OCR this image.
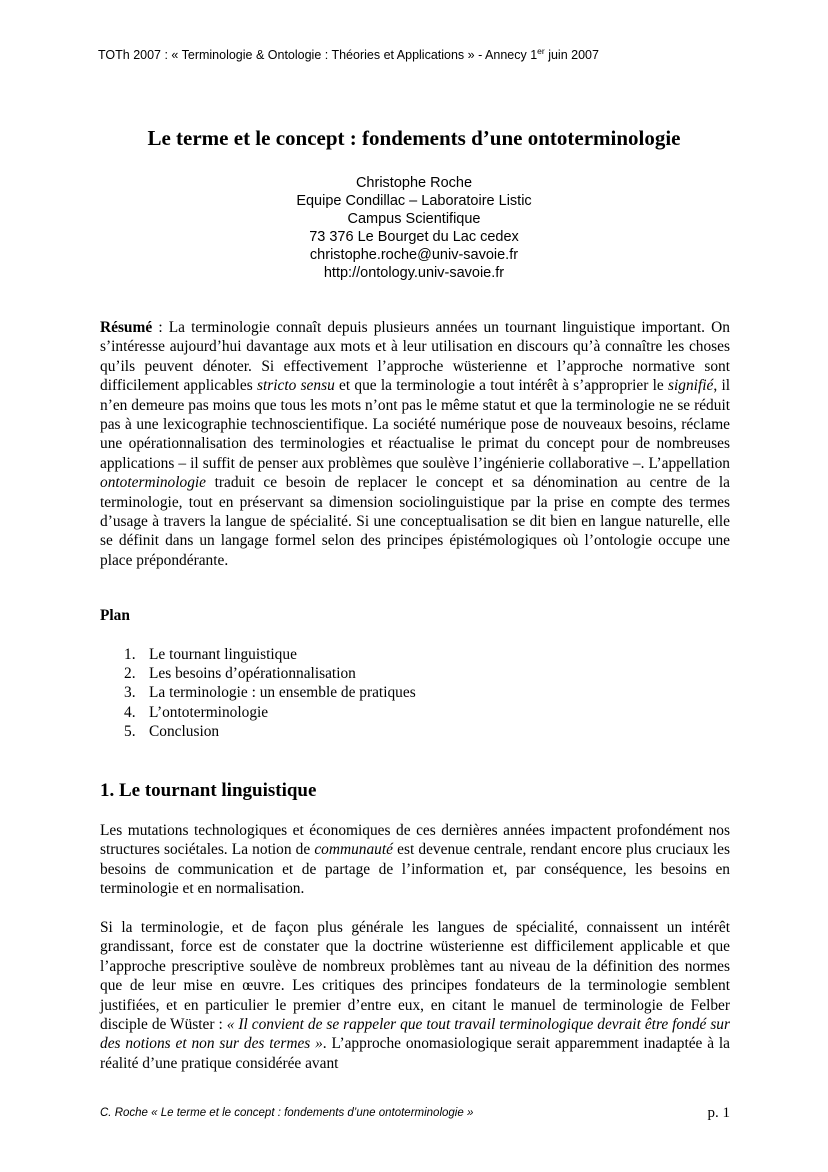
TOTh 2007 : « Terminologie & Ontologie : Théories et Applications » - Annecy 1er juin 2007
Le terme et le concept : fondements d’une ontoterminologie
Christophe Roche
Equipe Condillac – Laboratoire Listic
Campus Scientifique
73 376 Le Bourget du Lac cedex
christophe.roche@univ-savoie.fr
http://ontology.univ-savoie.fr

Résumé : La terminologie connaît depuis plusieurs années un tournant linguistique important. On s’intéresse aujourd’hui davantage aux mots et à leur utilisation en discours qu’à connaître les choses qu’ils peuvent dénoter. Si effectivement l’approche wüsterienne et l’approche normative sont difficilement applicables stricto sensu et que la terminologie a tout intérêt à s’approprier le signifié, il n’en demeure pas moins que tous les mots n’ont pas le même statut et que la terminologie ne se réduit pas à une lexicographie technoscientifique. La société numérique pose de nouveaux besoins, réclame une opérationnalisation des terminologies et réactualise le primat du concept pour de nombreuses applications – il suffit de penser aux problèmes que soulève l’ingénierie collaborative –. L’appellation ontoterminologie traduit ce besoin de replacer le concept et sa dénomination au centre de la terminologie, tout en préservant sa dimension sociolinguistique par la prise en compte des termes d’usage à travers la langue de spécialité. Si une conceptualisation se dit bien en langue naturelle, elle se définit dans un langage formel selon des principes épistémologiques où l’ontologie occupe une place prépondérante.

Plan
1. Le tournant linguistique
2. Les besoins d’opérationnalisation
3. La terminologie : un ensemble de pratiques
4. L’ontoterminologie
5. Conclusion
1. Le tournant linguistique

Les mutations technologiques et économiques de ces dernières années impactent profondément nos structures sociétales. La notion de communauté est devenue centrale, rendant encore plus cruciaux les besoins de communication et de partage de l’information et, par conséquence, les besoins en terminologie et en normalisation.

Si la terminologie, et de façon plus générale les langues de spécialité, connaissent un intérêt grandissant, force est de constater que la doctrine wüsterienne est difficilement applicable et que l’approche prescriptive soulève de nombreux problèmes tant au niveau de la définition des normes que de leur mise en œuvre. Les critiques des principes fondateurs de la terminologie semblent justifiées, et en particulier le premier d’entre eux, en citant le manuel de terminologie de Felber disciple de Wüster : « Il convient de se rappeler que tout travail terminologique devrait être fondé sur des notions et non sur des termes ». L’approche onomasiologique serait apparemment inadaptée à la réalité d’une pratique considérée avant

C. Roche « Le terme et le concept : fondements d’une ontoterminologie »	p. 1
